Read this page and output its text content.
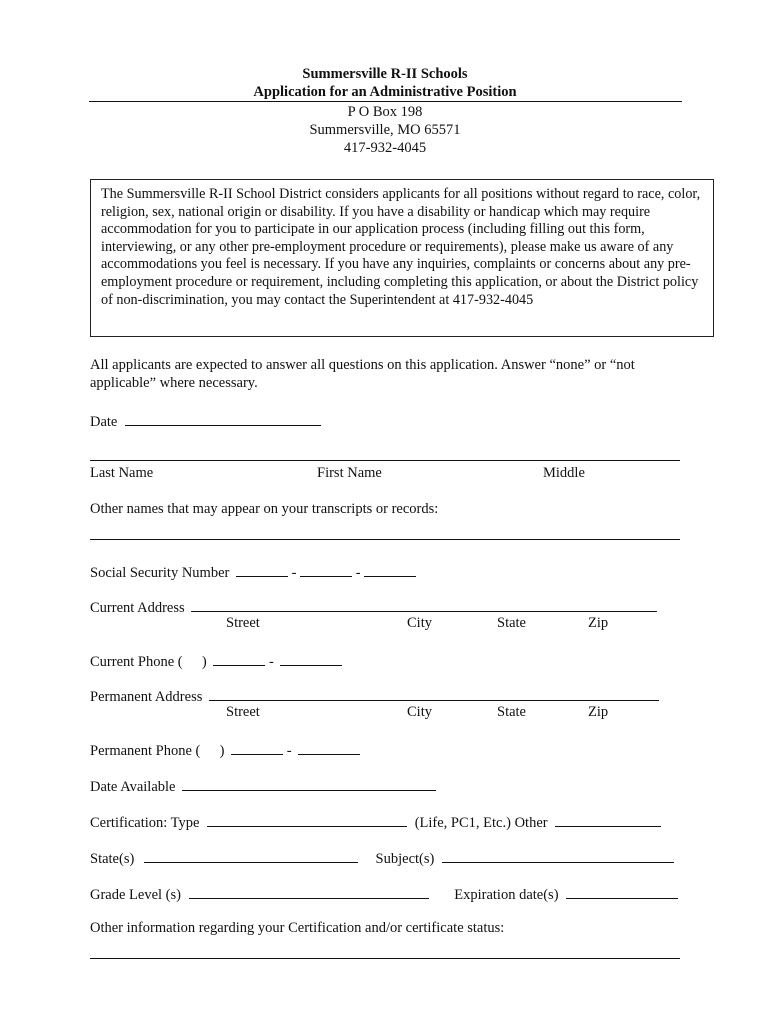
Summersville R-II Schools
Application for an Administrative Position
P O Box 198
Summersville, MO 65571
417-932-4045
The Summersville R-II School District considers applicants for all positions without regard to race, color, religion, sex, national origin or disability. If you have a disability or handicap which may require accommodation for you to participate in our application process (including filling out this form, interviewing, or any other pre-employment procedure or requirements), please make us aware of any accommodations you feel is necessary. If you have any inquiries, complaints or concerns about any pre-employment procedure or requirement, including completing this application, or about the District policy of non-discrimination, you may contact the Superintendent at 417-932-4045
All applicants are expected to answer all questions on this application. Answer “none” or “not applicable” where necessary.
Date
Last Name	First Name	Middle
Other names that may appear on your transcripts or records:
Social Security Number	-	-
Current Address
Street	City	State	Zip
Current Phone ( )	-
Permanent Address
Street	City	State	Zip
Permanent Phone ( )	-
Date Available
Certification: Type	(Life, PC1, Etc.) Other
State(s)	Subject(s)
Grade Level (s)	Expiration date(s)
Other information regarding your Certification and/or certificate status:
